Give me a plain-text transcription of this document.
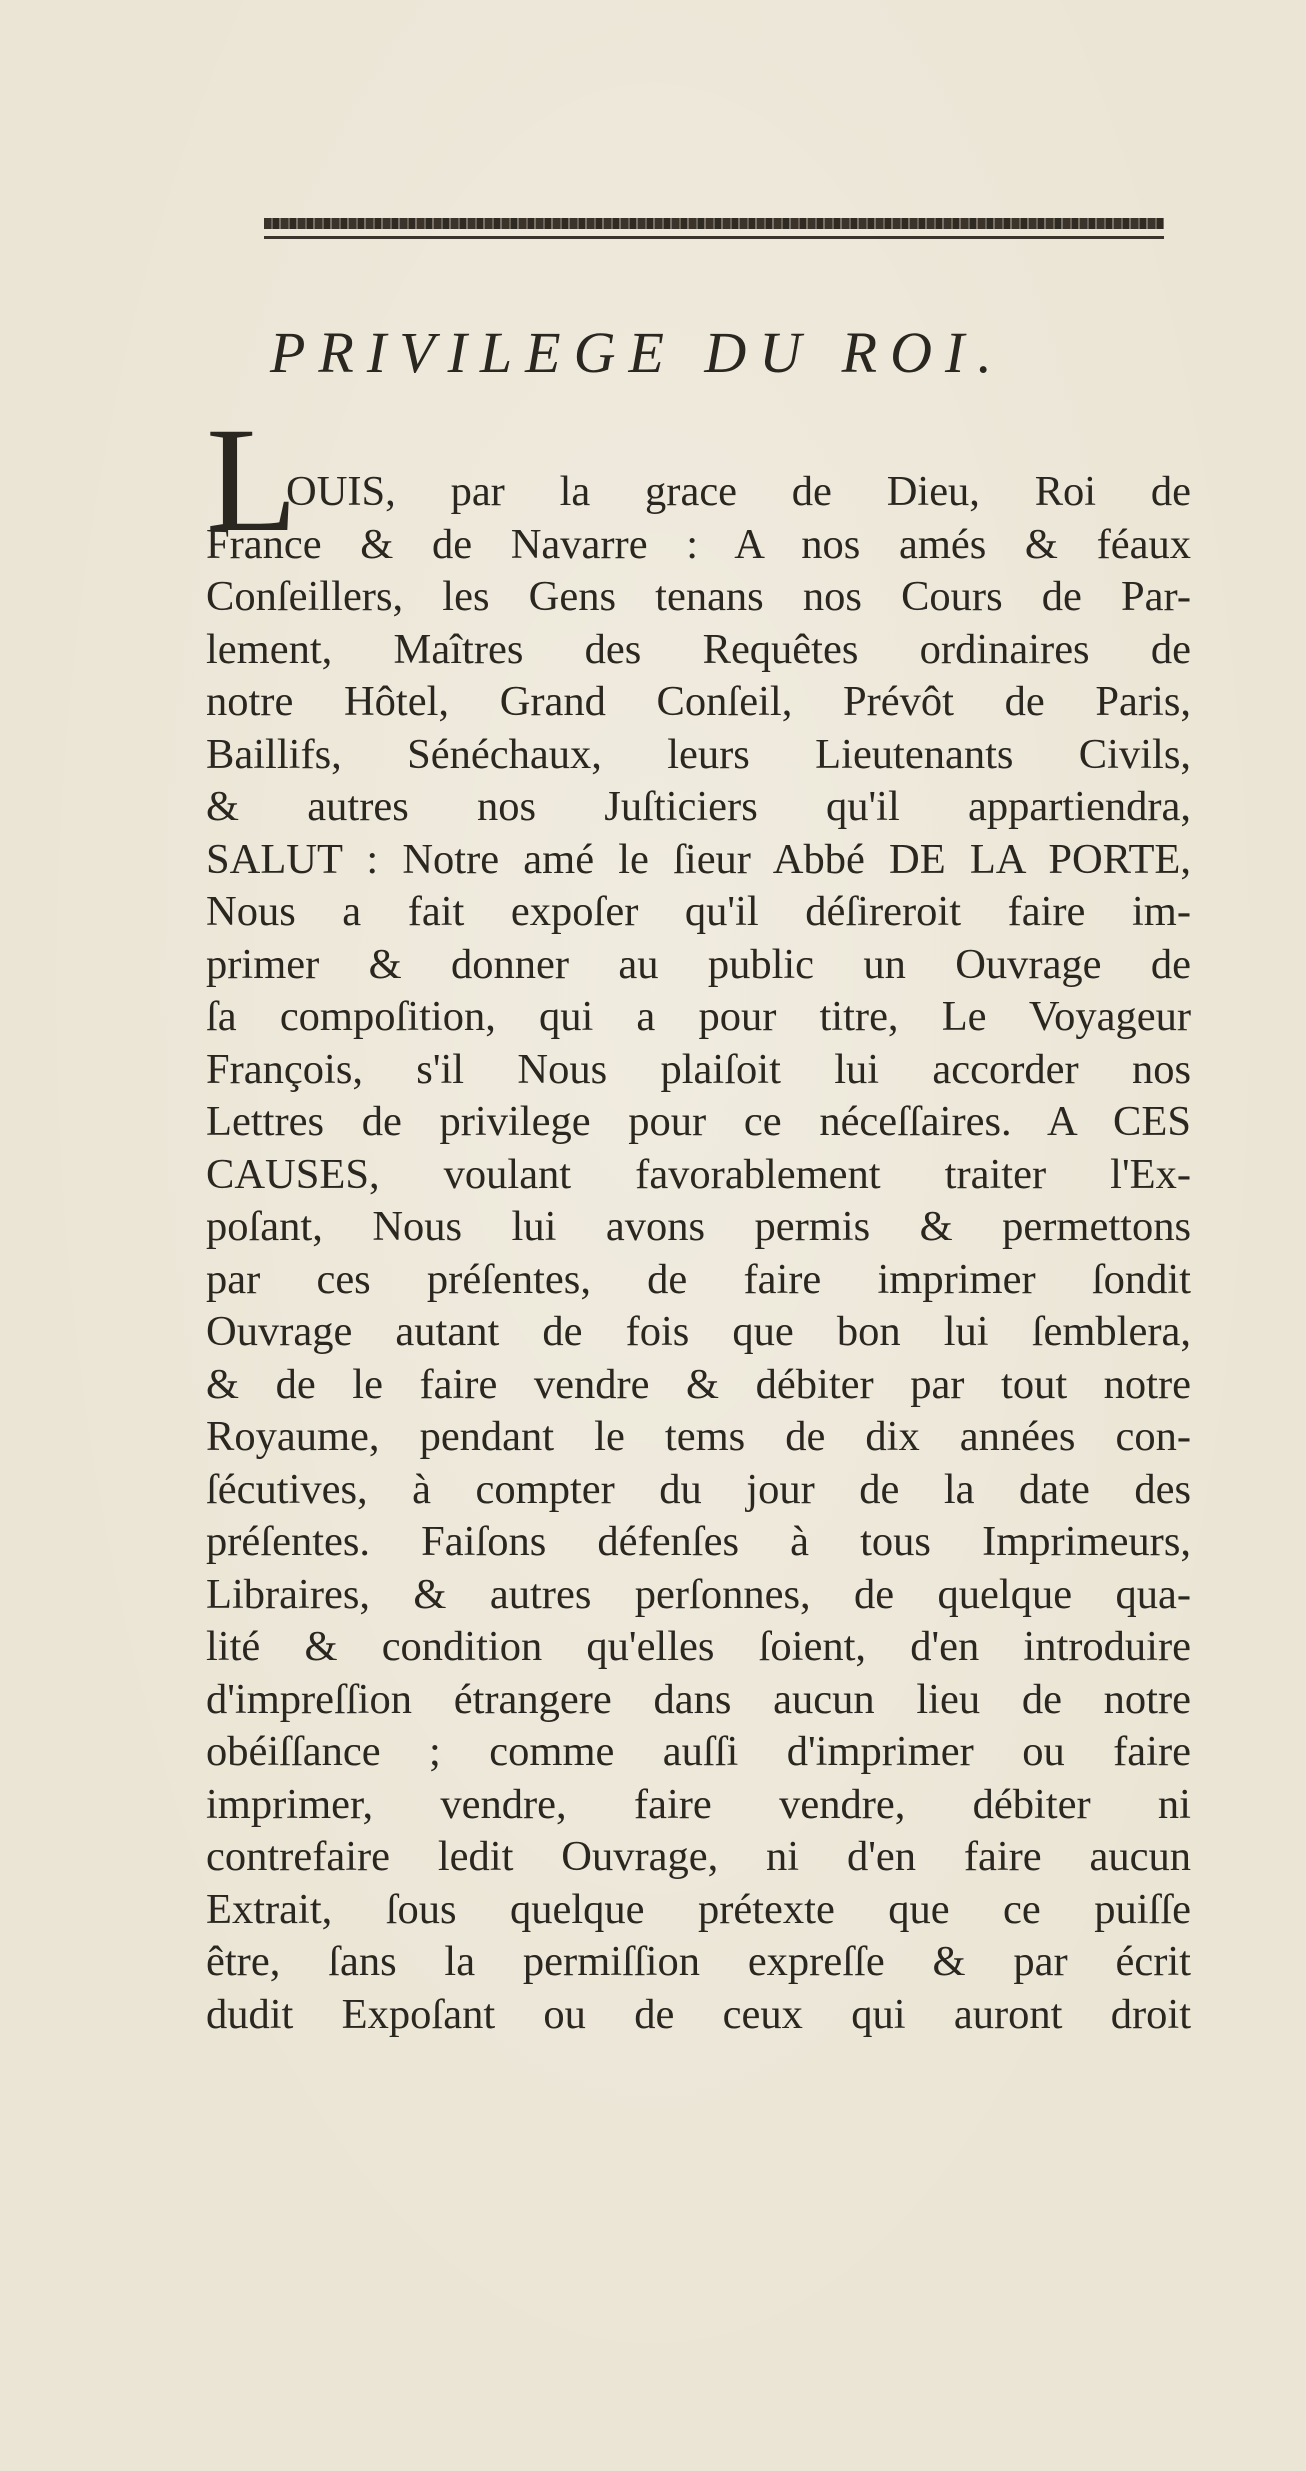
PRIVILEGE DU ROI.
L
OUIS, par la grace de Dieu, Roi de
France & de Navarre : A nos amés & féaux
Conſeillers, les Gens tenans nos Cours de Par-
lement, Maîtres des Requêtes ordinaires de
notre Hôtel, Grand Conſeil, Prévôt de Paris,
Baillifs, Sénéchaux, leurs Lieutenants Civils,
& autres nos Juſticiers qu'il appartiendra,
SALUT : Notre amé le ſieur Abbé DE LA PORTE,
Nous a fait expoſer qu'il déſireroit faire im-
primer & donner au public un Ouvrage de
ſa compoſition, qui a pour titre, Le Voyageur
François, s'il Nous plaiſoit lui accorder nos
Lettres de privilege pour ce néceſſaires. A CES
CAUSES, voulant favorablement traiter l'Ex-
poſant, Nous lui avons permis & permettons
par ces préſentes, de faire imprimer ſondit
Ouvrage autant de fois que bon lui ſemblera,
& de le faire vendre & débiter par tout notre
Royaume, pendant le tems de dix années con-
ſécutives, à compter du jour de la date des
préſentes. Faiſons défenſes à tous Imprimeurs,
Libraires, & autres perſonnes, de quelque qua-
lité & condition qu'elles ſoient, d'en introduire
d'impreſſion étrangere dans aucun lieu de notre
obéiſſance ; comme auſſi d'imprimer ou faire
imprimer, vendre, faire vendre, débiter ni
contrefaire ledit Ouvrage, ni d'en faire aucun
Extrait, ſous quelque prétexte que ce puiſſe
être, ſans la permiſſion expreſſe & par écrit
dudit Expoſant ou de ceux qui auront droit
